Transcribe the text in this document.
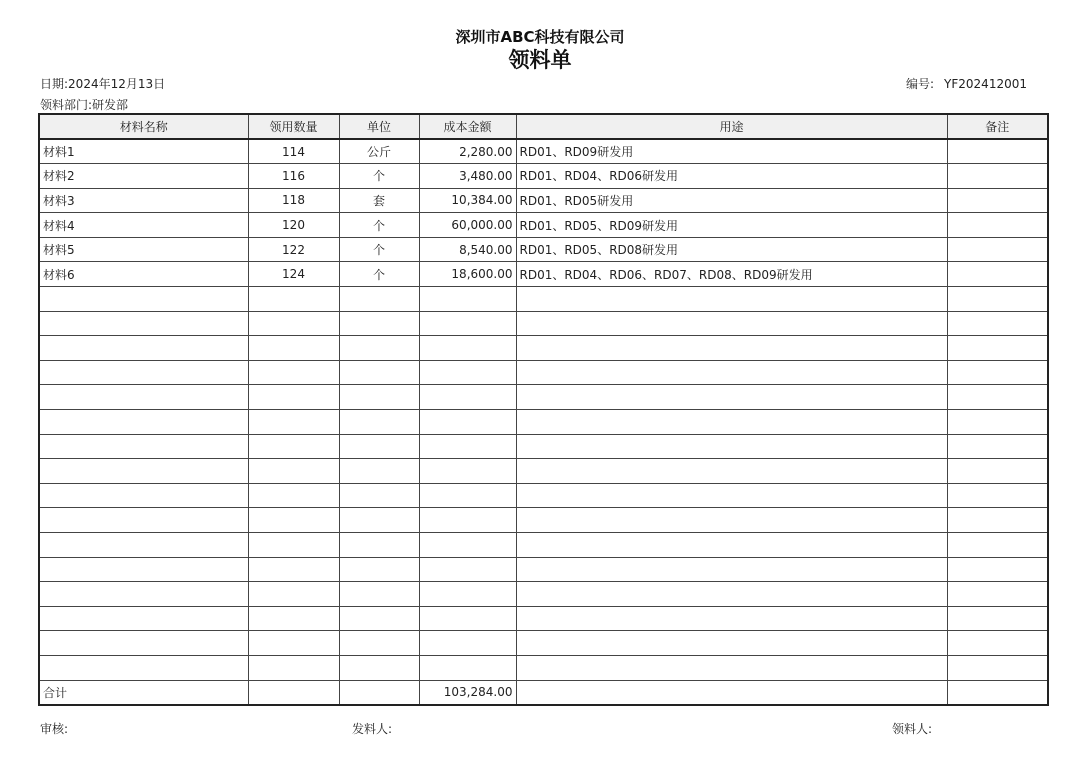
深圳市ABC科技有限公司
领料单
日期:2024年12月13日
领料部门:研发部
编号: YF202412001
材料名称	领用数量	单位	成本金额	用途	备注
材料1	114	公斤	2,280.00	RD01、RD09研发用	
材料2	116	个	3,480.00	RD01、RD04、RD06研发用	
材料3	118	套	10,384.00	RD01、RD05研发用	
材料4	120	个	60,000.00	RD01、RD05、RD09研发用	
材料5	122	个	8,540.00	RD01、RD05、RD08研发用	
材料6	124	个	18,600.00	RD01、RD04、RD06、RD07、RD08、RD09研发用	

合计			103,284.00		
审核:	发料人:	领料人:
